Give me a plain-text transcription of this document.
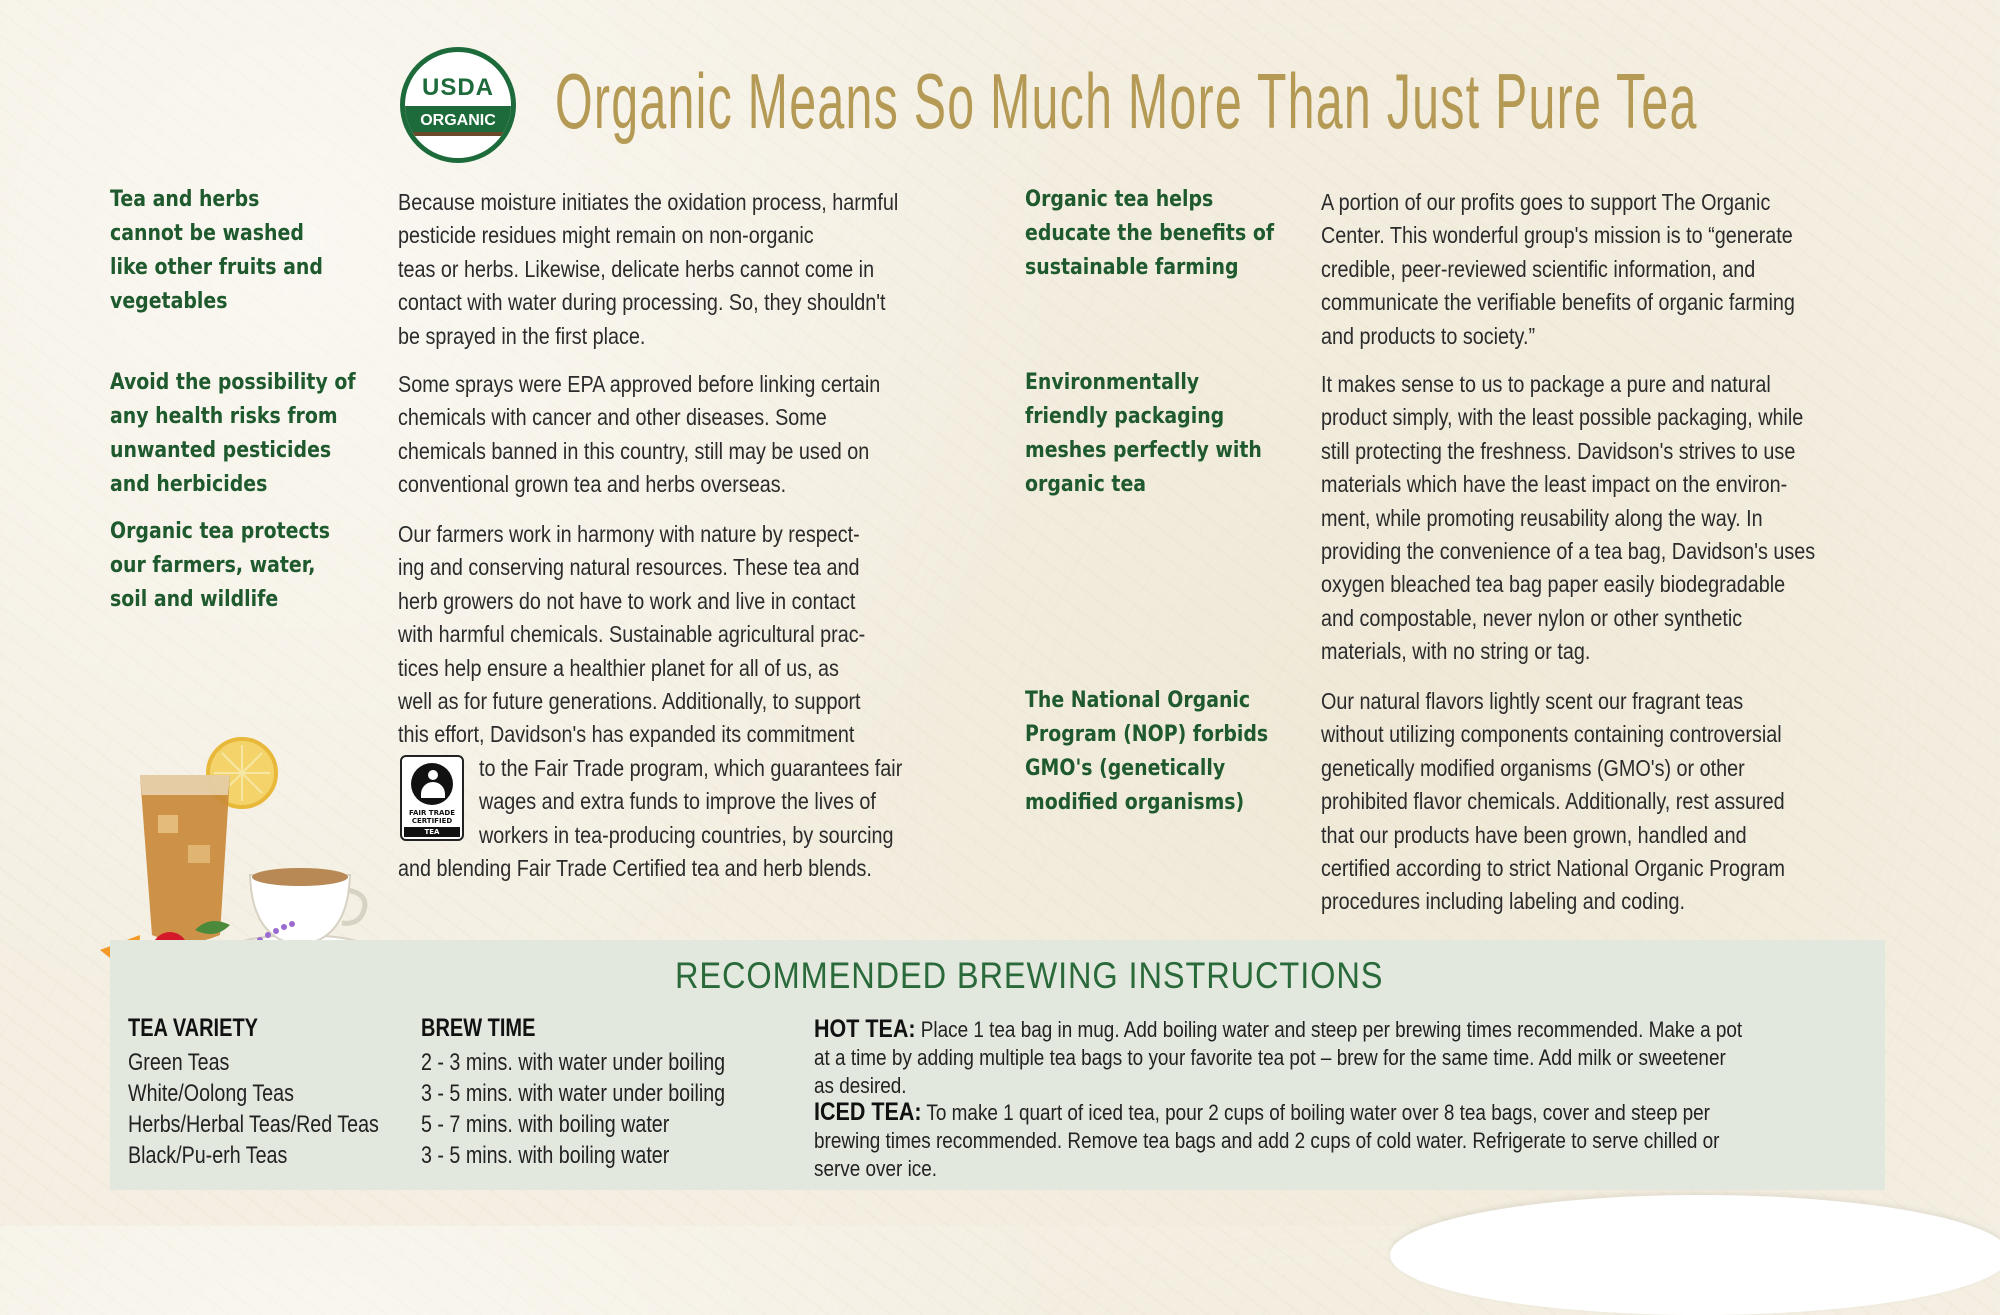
USDA
ORGANIC Organic Means So Much More Than Just Pure Tea
Tea and herbs
cannot be washed
like other fruits and
vegetables
Because moisture initiates the oxidation process, harmful
pesticide residues might remain on non-organic
teas or herbs. Likewise, delicate herbs cannot come in
contact with water during processing. So, they shouldn't
be sprayed in the first place.
Avoid the possibility of
any health risks from
unwanted pesticides
and herbicides
Some sprays were EPA approved before linking certain
chemicals with cancer and other diseases. Some
chemicals banned in this country, still may be used on
conventional grown tea and herbs overseas.
Organic tea protects
our farmers, water,
soil and wildlife
Our farmers work in harmony with nature by respect-
ing and conserving natural resources. These tea and
herb growers do not have to work and live in contact
with harmful chemicals. Sustainable agricultural prac-
tices help ensure a healthier planet for all of us, as
well as for future generations. Additionally, to support
this effort, Davidson's has expanded its commitment
to the Fair Trade program, which guarantees fair
wages and extra funds to improve the lives of
workers in tea-producing countries, by sourcing
and blending Fair Trade Certified tea and herb blends.
FAIR TRADE CERTIFIED
TEA
Organic tea helps
educate the benefits of
sustainable farming
A portion of our profits goes to support The Organic
Center. This wonderful group's mission is to “generate
credible, peer-reviewed scientific information, and
communicate the verifiable benefits of organic farming
and products to society.”
Environmentally
friendly packaging
meshes perfectly with
organic tea
It makes sense to us to package a pure and natural
product simply, with the least possible packaging, while
still protecting the freshness. Davidson's strives to use
materials which have the least impact on the environ-
ment, while promoting reusability along the way. In
providing the convenience of a tea bag, Davidson's uses
oxygen bleached tea bag paper easily biodegradable
and compostable, never nylon or other synthetic
materials, with no string or tag.
The National Organic
Program (NOP) forbids
GMO's (genetically
modified organisms)
Our natural flavors lightly scent our fragrant teas
without utilizing components containing controversial
genetically modified organisms (GMO's) or other
prohibited flavor chemicals. Additionally, rest assured
that our products have been grown, handled and
certified according to strict National Organic Program
procedures including labeling and coding.
RECOMMENDED BREWING INSTRUCTIONS
TEA VARIETY	BREW TIME
Green Teas
White/Oolong Teas
Herbs/Herbal Teas/Red Teas
Black/Pu-erh Teas
2 - 3 mins. with water under boiling
3 - 5 mins. with water under boiling
5 - 7 mins. with boiling water
3 - 5 mins. with boiling water
HOT TEA: Place 1 tea bag in mug. Add boiling water and steep per brewing times recommended. Make a pot
at a time by adding multiple tea bags to your favorite tea pot – brew for the same time. Add milk or sweetener
as desired.
ICED TEA: To make 1 quart of iced tea, pour 2 cups of boiling water over 8 tea bags, cover and steep per
brewing times recommended. Remove tea bags and add 2 cups of cold water. Refrigerate to serve chilled or
serve over ice.
